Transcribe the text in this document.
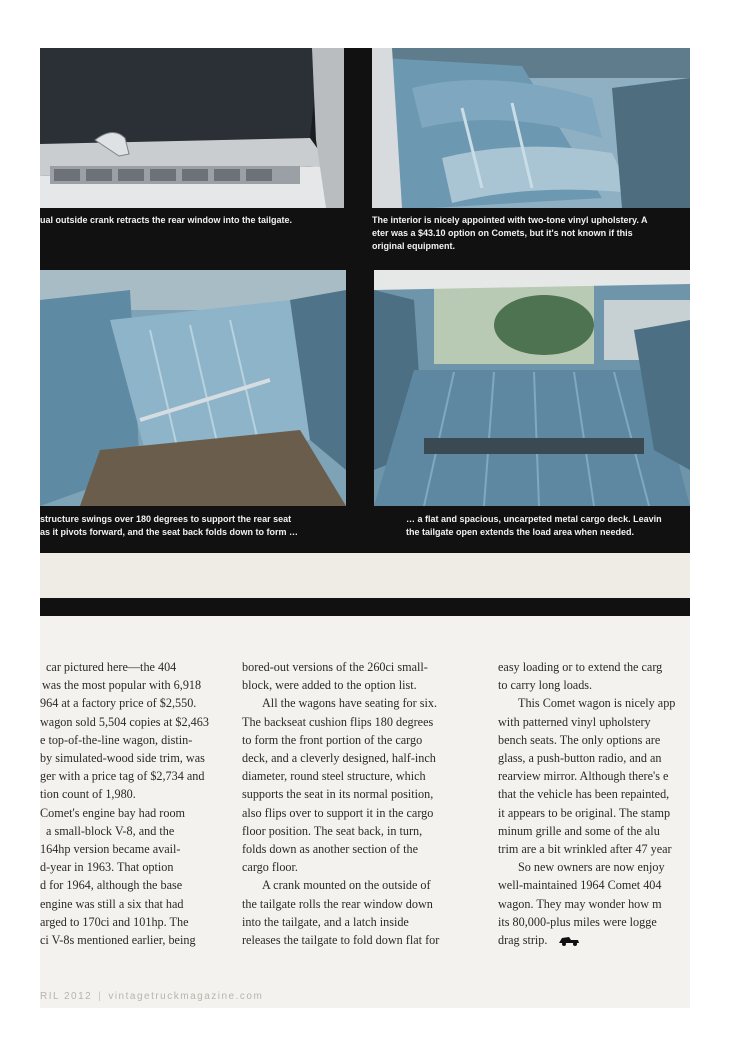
ual outside crank retracts the rear window into the tailgate.	The interior is nicely appointed with two-tone vinyl upholstery. A
eter was a $43.10 option on Comets, but it's not known if this
original equipment.
structure swings over 180 degrees to support the rear seat
as it pivots forward, and the seat back folds down to form …
… a flat and spacious, uncarpeted metal cargo deck. Leavin
the tailgate open extends the load area when needed.

car pictured here—the 404

was the most popular with 6,918

964 at a factory price of $2,550.

wagon sold 5,504 copies at $2,463

e top-of-the-line wagon, distin-

by simulated-wood side trim, was

ger with a price tag of $2,734 and

tion count of 1,980.

Comet's engine bay had room

a small-block V-8, and the

164hp version became avail-

d-year in 1963. That option

d for 1964, although the base

engine was still a six that had

arged to 170ci and 101hp. The

ci V-8s mentioned earlier, being

bored-out versions of the 260ci small-

block, were added to the option list.

All the wagons have seating for six.

The backseat cushion flips 180 degrees

to form the front portion of the cargo

deck, and a cleverly designed, half-inch

diameter, round steel structure, which

supports the seat in its normal position,

also flips over to support it in the cargo

floor position. The seat back, in turn,

folds down as another section of the

cargo floor.

A crank mounted on the outside of

the tailgate rolls the rear window down

into the tailgate, and a latch inside

releases the tailgate to fold down flat for

easy loading or to extend the carg

to carry long loads.

This Comet wagon is nicely app

with patterned vinyl upholstery

bench seats. The only options are

glass, a push-button radio, and an

rearview mirror. Although there's e

that the vehicle has been repainted,

it appears to be original. The stamp

minum grille and some of the alu

trim are a bit wrinkled after 47 year

So new owners are now enjoy

well-maintained 1964 Comet 404

wagon. They may wonder how m

its 80,000-plus miles were logge

drag strip.

RIL 2012 | vintagetruckmagazine.com
